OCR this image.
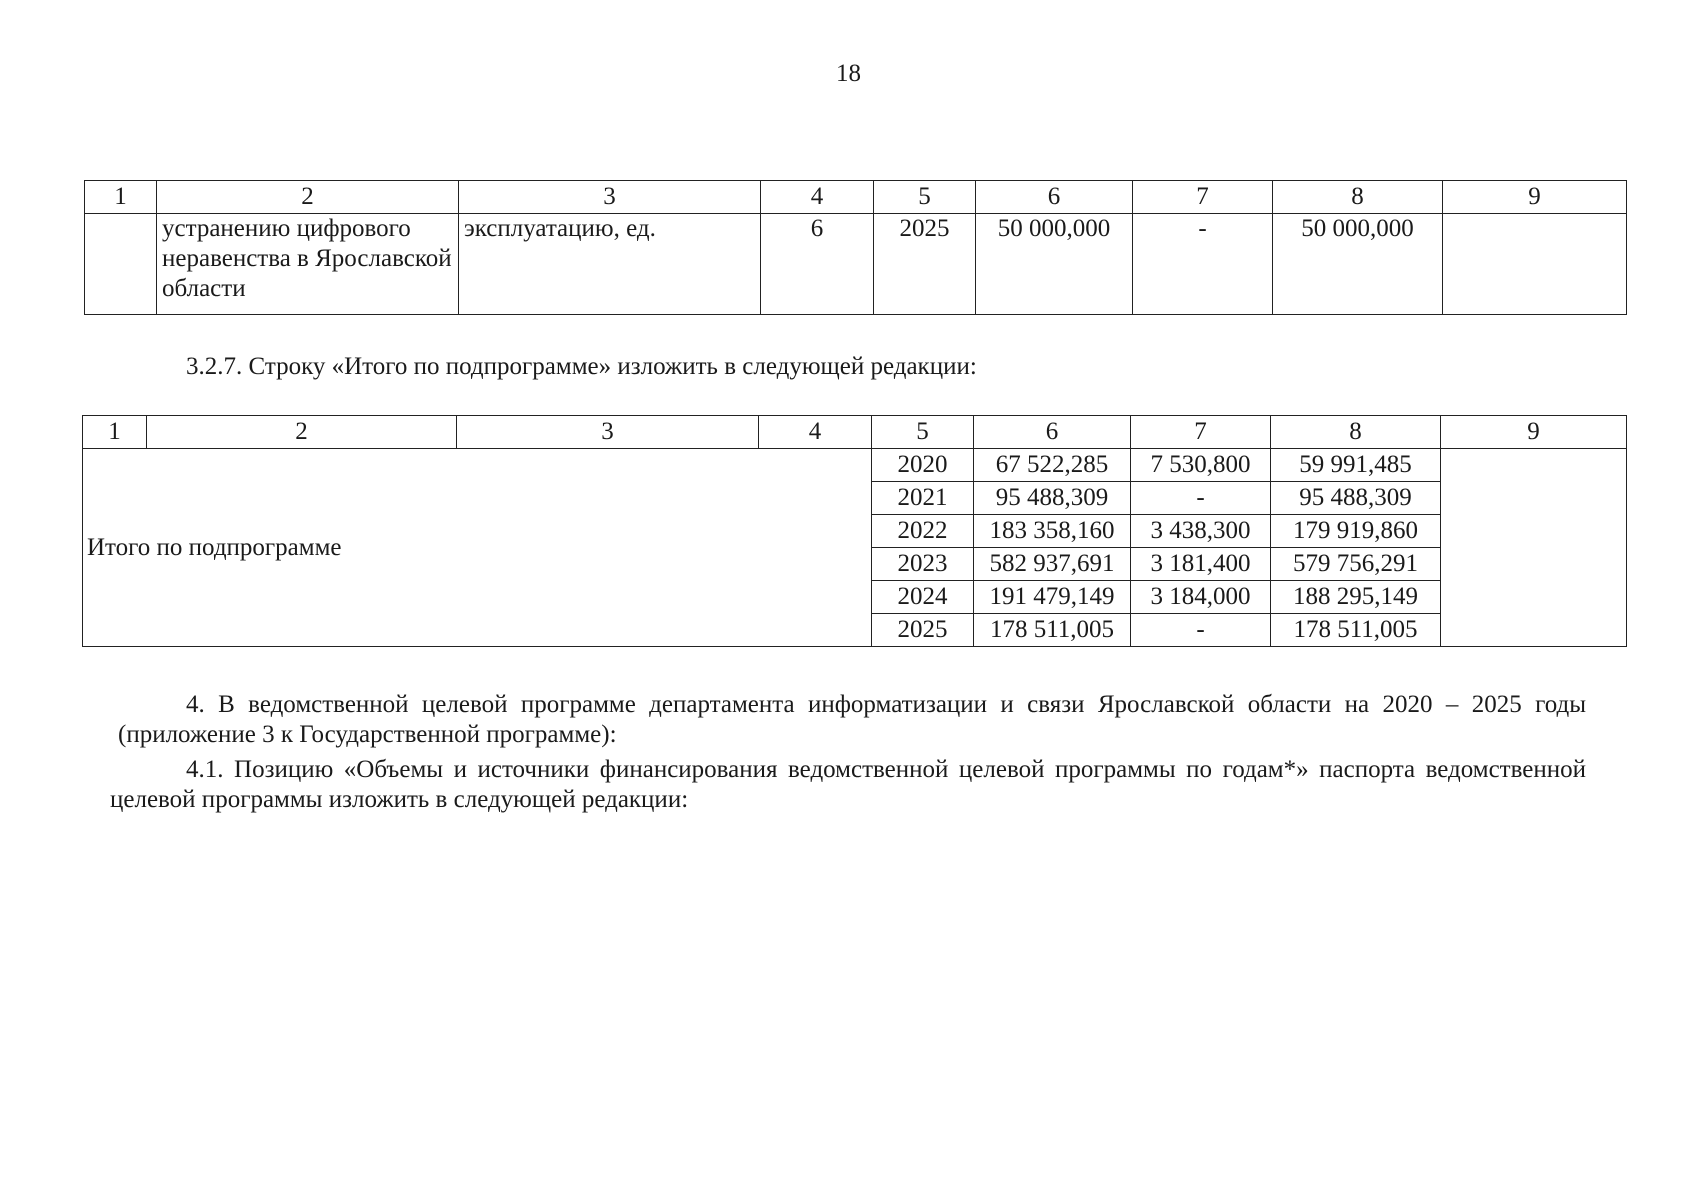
18
1	2	3	4	5	6	7	8	9
	устранению цифрового неравенства в Ярославской области	эксплуатацию, ед.	6	2025	50 000,000	-	50 000,000	

3.2.7. Строку «Итого по подпрограмме» изложить в следующей редакции:

1	2	3	4	5	6	7	8	9
Итого по подпрограмме				2020	67 522,285	7 530,800	59 991,485	
				2021	95 488,309	-	95 488,309	
				2022	183 358,160	3 438,300	179 919,860	
				2023	582 937,691	3 181,400	579 756,291	
				2024	191 479,149	3 184,000	188 295,149	
				2025	178 511,005	-	178 511,005	

4. В ведомственной целевой программе департамента информатизации и связи Ярославской области на 2020 – 2025 годы (приложение 3 к Государственной программе):

4.1. Позицию «Объемы и источники финансирования ведомственной целевой программы по годам*» паспорта ведомственной целевой программы изложить в следующей редакции:
